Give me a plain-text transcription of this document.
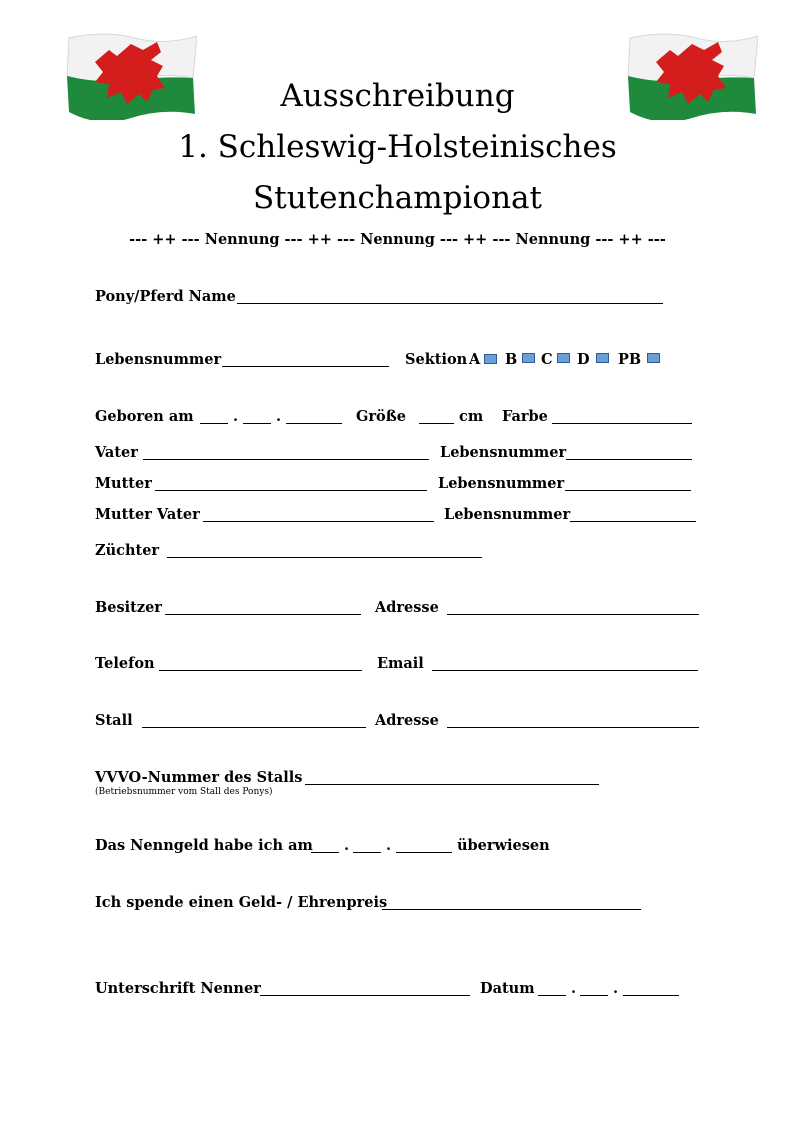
Ausschreibung
1. Schleswig-Holsteinisches
Stutenchampionat
--- ++ --- Nennung --- ++ --- Nennung --- ++ --- Nennung --- ++ ---
Pony/Pferd Name
Lebensnummer	Sektion A B C D PB
Geboren am	.	.	Größe	cm Farbe
Vater	Lebensnummer
Mutter	Lebensnummer
Mutter Vater	Lebensnummer
Züchter
Besitzer	Adresse
Telefon	Email
Stall	Adresse
VVVO-Nummer des Stalls
(Betriebsnummer vom Stall des Ponys)
Das Nenngeld habe ich am .	.	überwiesen
Ich spende einen Geld- / Ehrenpreis
Unterschrift Nenner	Datum	.	.
